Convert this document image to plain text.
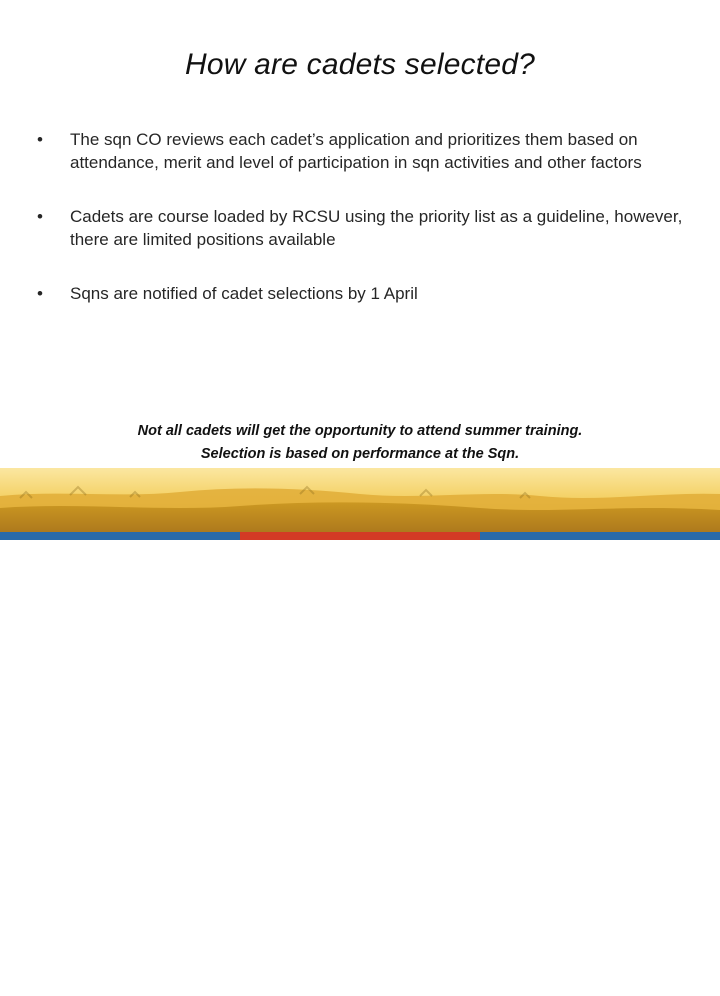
How are cadets selected?
•	The sqn CO reviews each cadet’s application and prioritizes them based on attendance, merit and level of participation in sqn activities and other factors
•	Cadets are course loaded by RCSU using the priority list as a guideline, however, there are limited positions available
•	Sqns are notified of cadet selections by 1 April
Not all cadets will get the opportunity to attend summer training.
Selection is based on performance at the Sqn.
CADETS
CANADA
CADETS.CA
